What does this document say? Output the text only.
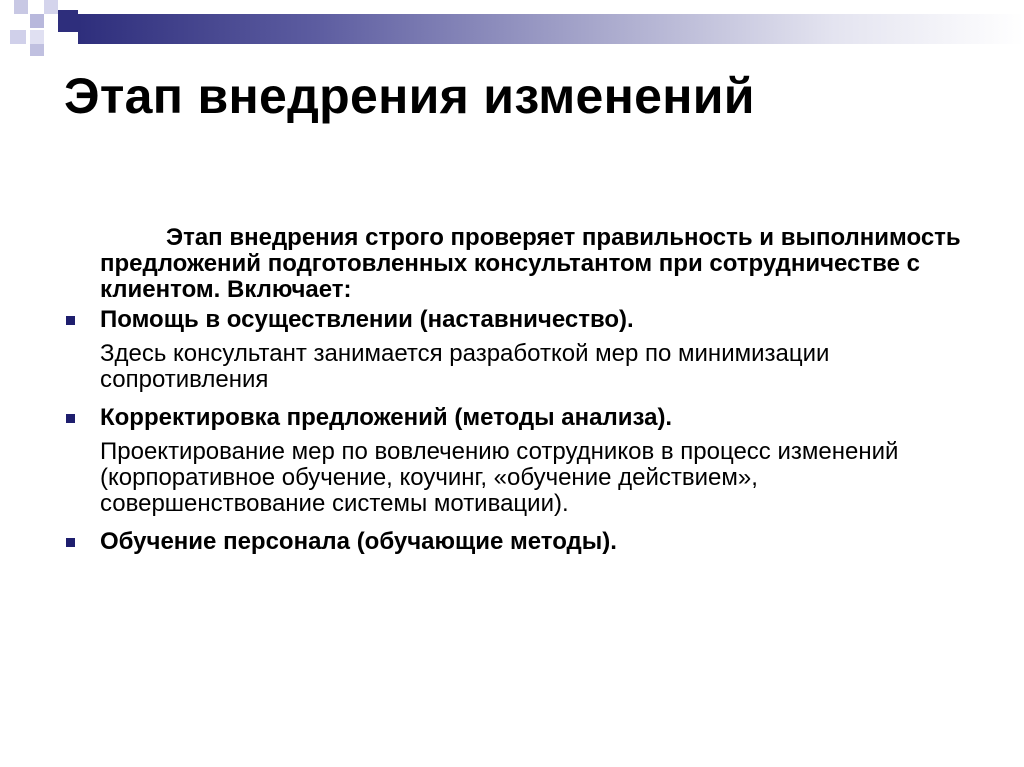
Этап внедрения изменений

Этап внедрения строго проверяет правильность и выполнимость предложений подготовленных консультантом при сотрудничестве с клиентом. Включает:

Помощь в осуществлении (наставничество).

Здесь консультант занимается разработкой мер по минимизации сопротивления

Корректировка предложений (методы анализа).

Проектирование мер по вовлечению сотрудников в процесс изменений (корпоративное обучение, коучинг, «обучение действием», совершенствование системы мотивации).

Обучение персонала (обучающие методы).
